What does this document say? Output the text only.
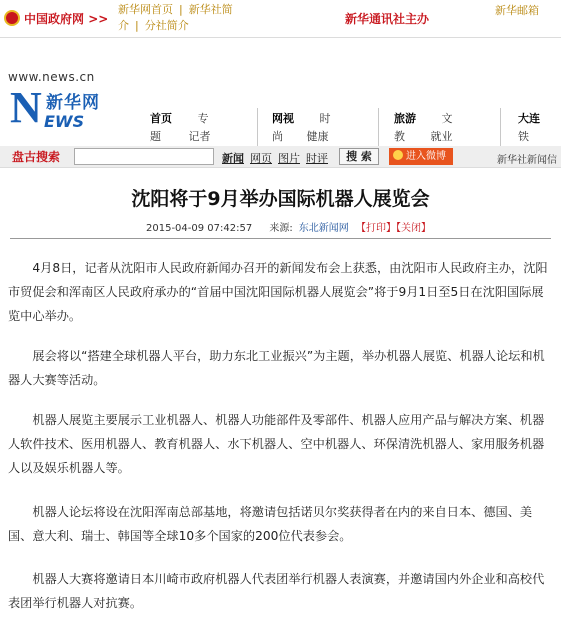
中国政府网 >>
新华网首页 | 新华社简介 | 分社简介	新华通讯社主办
新华邮箱
www.news.cn
N 新华网
EWS	首页 专
题	记者
网视 时
尚 健康
旅游 文
教 就业
大连
铁
盘古搜索	新闻 网页 图片 时评	搜 索	进入微博	新华社新闻信
沈阳将于9月举办国际机器人展览会
2015-04-09 07:42:57 来源: 东北新闻网 【打印】【关闭】

4月8日，记者从沈阳市人民政府新闻办召开的新闻发布会上获悉，由沈阳市人民政府主办，沈阳市贸促会和浑南区人民政府承办的“首届中国沈阳国际机器人展览会”将于9月1日至5日在沈阳国际展览中心举办。

展会将以“搭建全球机器人平台，助力东北工业振兴”为主题，举办机器人展览、机器人论坛和机器人大赛等活动。

机器人展览主要展示工业机器人、机器人功能部件及零部件、机器人应用产品与解决方案、机器人软件技术、医用机器人、教育机器人、水下机器人、空中机器人、环保清洗机器人、家用服务机器人以及娱乐机器人等。

机器人论坛将设在沈阳浑南总部基地，将邀请包括诺贝尔奖获得者在内的来自日本、德国、美国、意大利、瑞士、韩国等全球10多个国家的200位代表参会。

机器人大赛将邀请日本川崎市政府机器人代表团举行机器人表演赛，并邀请国内外企业和高校代表团举行机器人对抗赛。
